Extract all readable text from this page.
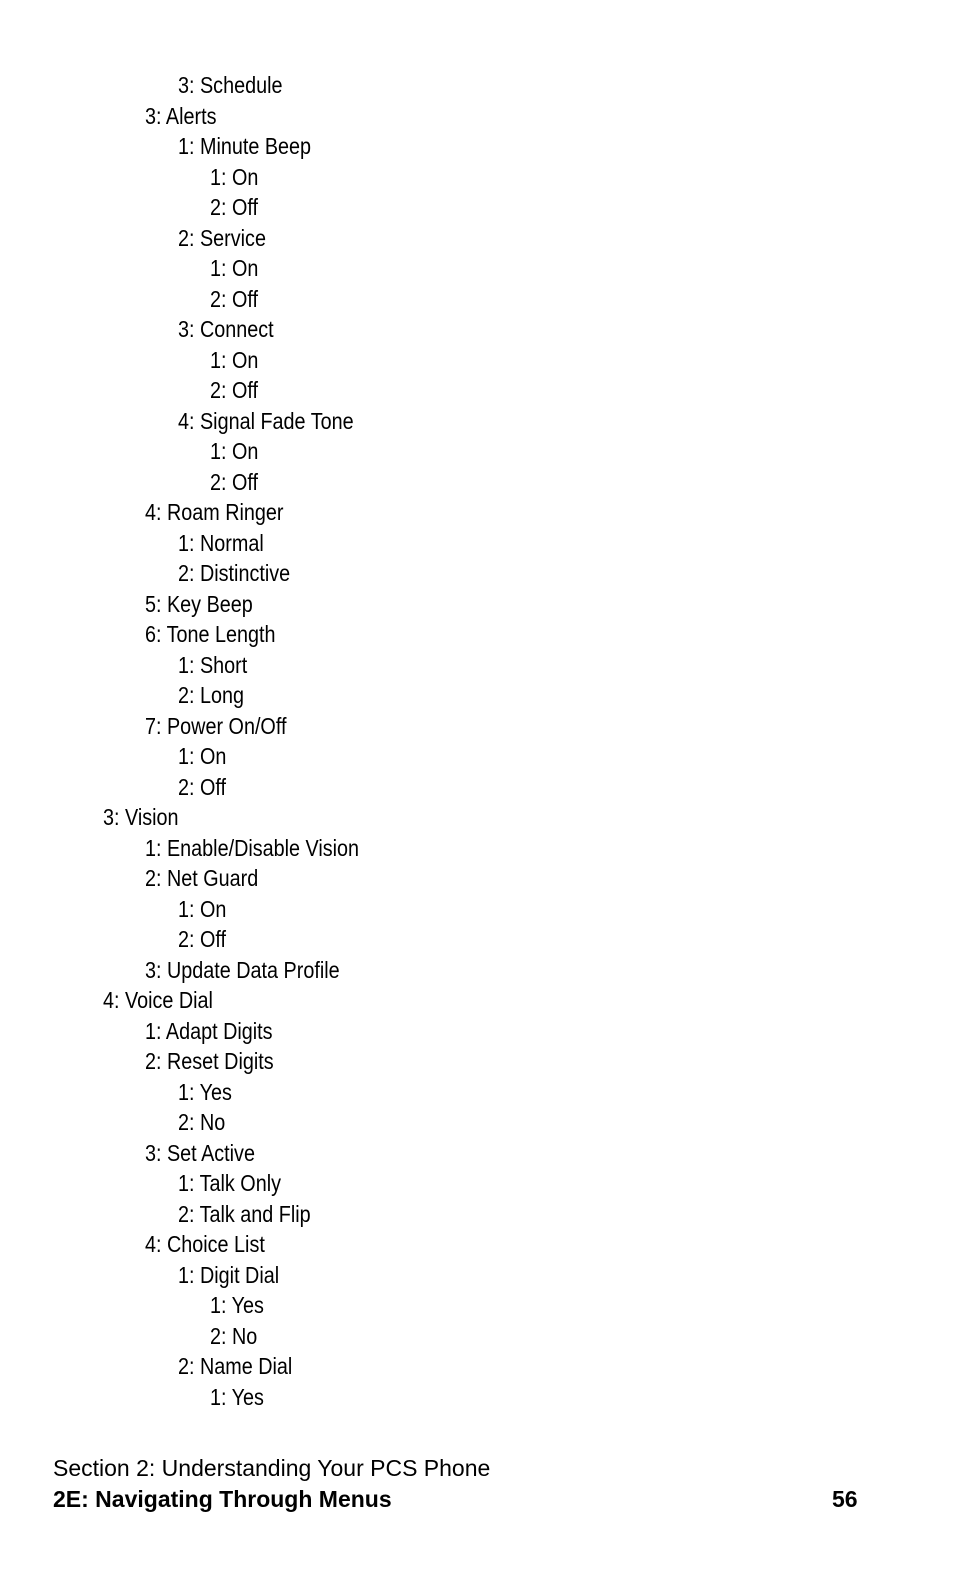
3: Schedule
3: Alerts
1: Minute Beep
1: On
2: Off
2: Service
1: On
2: Off
3: Connect
1: On
2: Off
4: Signal Fade Tone
1: On
2: Off
4: Roam Ringer
1: Normal
2: Distinctive
5: Key Beep
6: Tone Length
1: Short
2: Long
7: Power On/Off
1: On
2: Off
3: Vision
1: Enable/Disable Vision
2: Net Guard
1: On
2: Off
3: Update Data Profile
4: Voice Dial
1: Adapt Digits
2: Reset Digits
1: Yes
2: No
3: Set Active
1: Talk Only
2: Talk and Flip
4: Choice List
1: Digit Dial
1: Yes
2: No
2: Name Dial
1: Yes
Section 2: Understanding Your PCS Phone
2E: Navigating Through Menus	56
